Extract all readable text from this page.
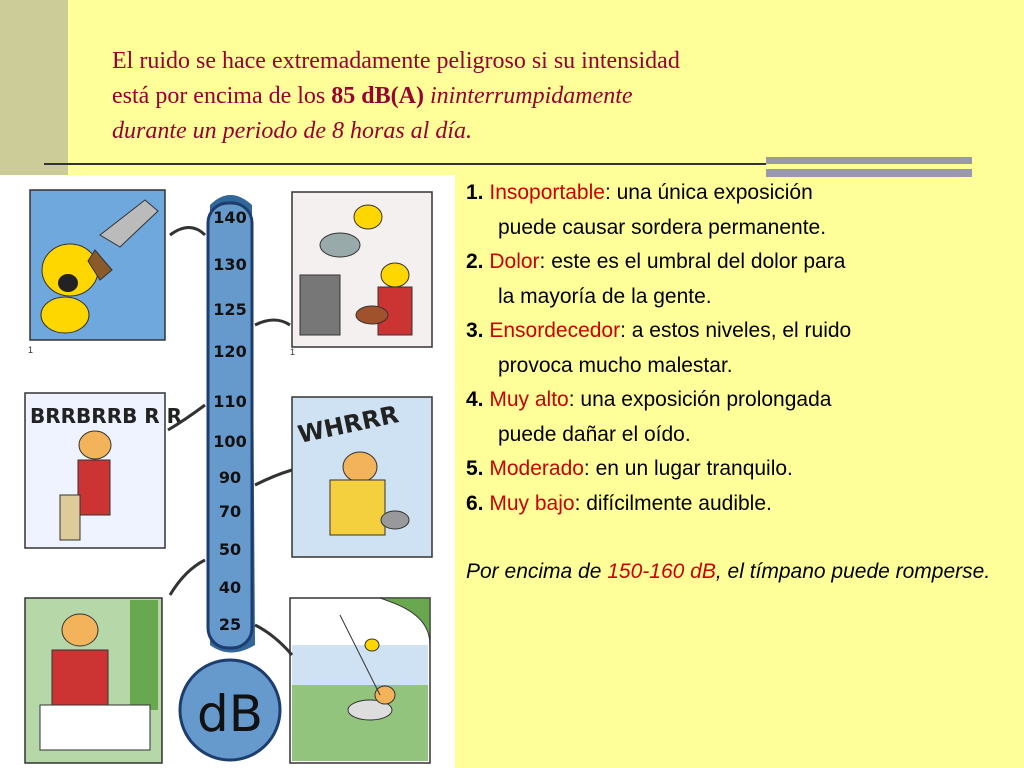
El ruido se hace extremadamente peligroso si su intensidad
está por encima de los 85 dB(A) ininterrumpidamente
durante un periodo de 8 horas al día.
1	1
BRRBRRB R R	WHRRR
dB
140
130
125
120
110
100
90
70
50
40
25
1. Insoportable: una única exposición
puede causar sordera permanente.
2. Dolor: este es el umbral del dolor para
la mayoría de la gente.
3. Ensordecedor: a estos niveles, el ruido
provoca mucho malestar.
4. Muy alto: una exposición prolongada
puede dañar el oído.
5. Moderado: en un lugar tranquilo.
6. Muy bajo: difícilmente audible.
Por encima de 150-160 dB, el tímpano puede romperse.
